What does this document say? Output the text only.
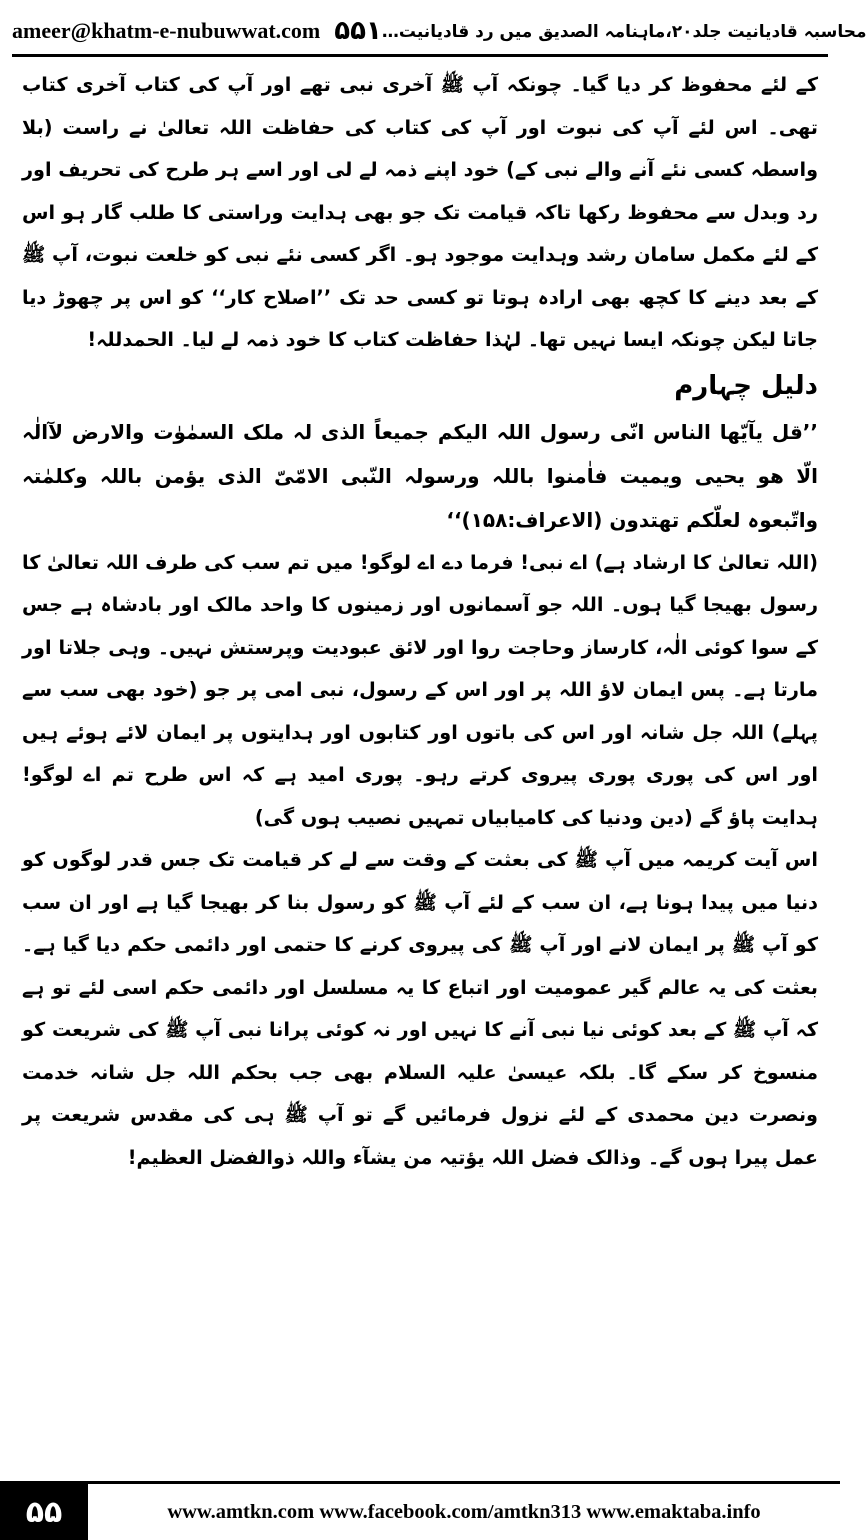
ameer@khatm-e-nubuwwat.com ۵۵۱ محاسبہ قادیانیت جلد۲۰،ماہنامہ الصدیق میں رد قادیانیت…

کے لئے محفوظ کر دیا گیا۔ چونکہ آپ ﷺ آخری نبی تھے اور آپ کی کتاب آخری کتاب تھی۔ اس لئے آپ کی نبوت اور آپ کی کتاب کی حفاظت اللہ تعالیٰ نے راست (بلا واسطہ کسی نئے آنے والے نبی کے) خود اپنے ذمہ لے لی اور اسے ہر طرح کی تحریف اور رد وبدل سے محفوظ رکھا تاکہ قیامت تک جو بھی ہدایت وراستی کا طلب گار ہو اس کے لئے مکمل سامان رشد وہدایت موجود ہو۔ اگر کسی نئے نبی کو خلعت نبوت، آپ ﷺ کے بعد دینے کا کچھ بھی ارادہ ہوتا تو کسی حد تک ’’اصلاح کار‘‘ کو اس پر چھوڑ دیا جاتا لیکن چونکہ ایسا نہیں تھا۔ لہٰذا حفاظت کتاب کا خود ذمہ لے لیا۔ الحمدللہ!

دلیل چہارم

’’قل یآیّھا الناس انّی رسول اللہ الیکم جمیعاً الذی لہ ملک السمٰوٰت والارض لآالٰہ الّا ھو یحیی ویمیت فاٰمنوا باللہ ورسولہ النّبی الامّیّ الذی یؤمن باللہ وکلمٰتہ واتّبعوہ لعلّکم تھتدون (الاعراف:۱۵۸)‘‘

(اللہ تعالیٰ کا ارشاد ہے) اے نبی! فرما دے اے لوگو! میں تم سب کی طرف اللہ تعالیٰ کا رسول بھیجا گیا ہوں۔ اللہ جو آسمانوں اور زمینوں کا واحد مالک اور بادشاہ ہے جس کے سوا کوئی الٰہ، کارساز وحاجت روا اور لائق عبودیت وپرستش نہیں۔ وہی جلاتا اور مارتا ہے۔ پس ایمان لاؤ اللہ پر اور اس کے رسول، نبی امی پر جو (خود بھی سب سے پہلے) اللہ جل شانہ اور اس کی باتوں اور کتابوں اور ہدایتوں پر ایمان لائے ہوئے ہیں اور اس کی پوری پوری پیروی کرتے رہو۔ پوری امید ہے کہ اس طرح تم اے لوگو! ہدایت پاؤ گے (دین ودنیا کی کامیابیاں تمہیں نصیب ہوں گی)

اس آیت کریمہ میں آپ ﷺ کی بعثت کے وقت سے لے کر قیامت تک جس قدر لوگوں کو دنیا میں پیدا ہونا ہے، ان سب کے لئے آپ ﷺ کو رسول بنا کر بھیجا گیا ہے اور ان سب کو آپ ﷺ پر ایمان لانے اور آپ ﷺ کی پیروی کرنے کا حتمی اور دائمی حکم دیا گیا ہے۔ بعثت کی یہ عالم گیر عمومیت اور اتباع کا یہ مسلسل اور دائمی حکم اسی لئے تو ہے کہ آپ ﷺ کے بعد کوئی نیا نبی آنے کا نہیں اور نہ کوئی پرانا نبی آپ ﷺ کی شریعت کو منسوخ کر سکے گا۔ بلکہ عیسیٰ علیہ السلام بھی جب بحکم اللہ جل شانہ خدمت ونصرت دین محمدی کے لئے نزول فرمائیں گے تو آپ ﷺ ہی کی مقدس شریعت پر عمل پیرا ہوں گے۔ وذالک فضل اللہ یؤتیہ من یشآء واللہ ذوالفضل العظیم!

۵۵	www.amtkn.com www.facebook.com/amtkn313 www.emaktaba.info
